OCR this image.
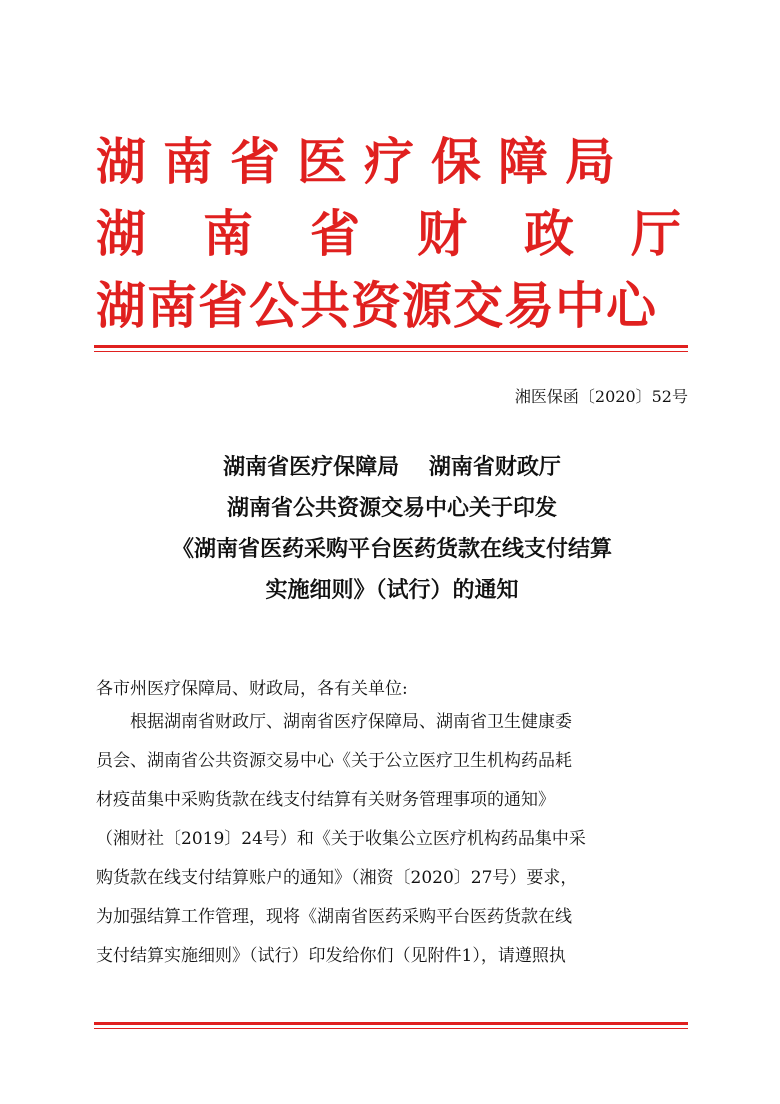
湖南省医疗保障局
湖南省财政厅
湖南省公共资源交易中心
湘医保函〔2020〕52号
湖南省医疗保障局　 湖南省财政厅
湖南省公共资源交易中心关于印发
《湖南省医药采购平台医药货款在线支付结算
实施细则》（试行）的通知
各市州医疗保障局、财政局，各有关单位:
　　根据湖南省财政厅、湖南省医疗保障局、湖南省卫生健康委
员会、湖南省公共资源交易中心《关于公立医疗卫生机构药品耗
材疫苗集中采购货款在线支付结算有关财务管理事项的通知》
（湘财社〔2019〕24号）和《关于收集公立医疗机构药品集中采
购货款在线支付结算账户的通知》（湘资〔2020〕27号）要求，
为加强结算工作管理，现将《湖南省医药采购平台医药货款在线
支付结算实施细则》（试行）印发给你们（见附件1），请遵照执
